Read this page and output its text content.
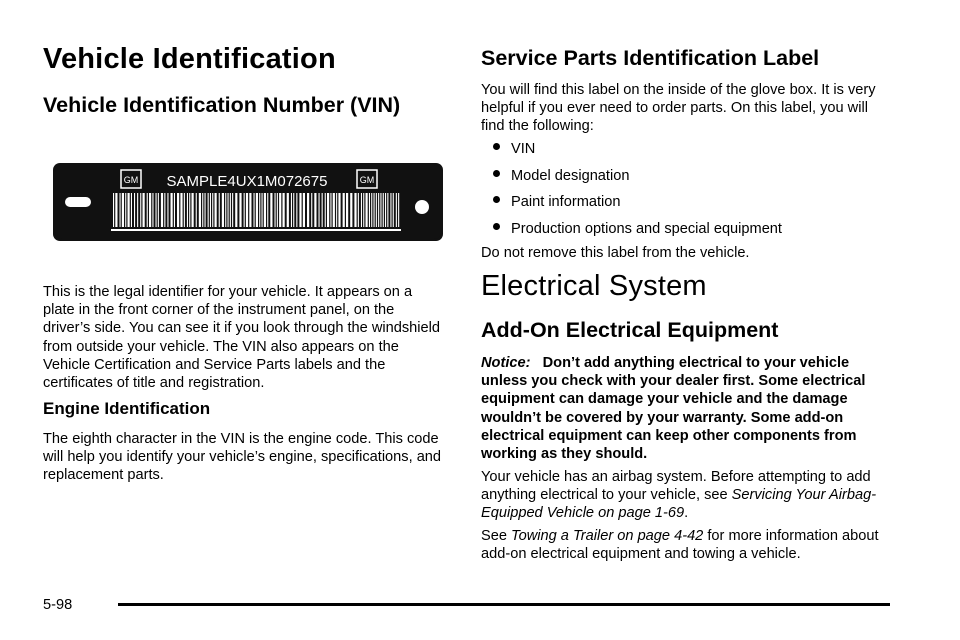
Vehicle Identification
Vehicle Identification Number (VIN)
GM	GM
SAMPLE4UX1M072675

This is the legal identifier for your vehicle. It appears on a plate in the front corner of the instrument panel, on the driver’s side. You can see it if you look through the windshield from outside your vehicle. The VIN also appears on the Vehicle Certification and Service Parts labels and the certificates of title and registration.

Engine Identification

The eighth character in the VIN is the engine code. This code will help you identify your vehicle’s engine, specifications, and replacement parts.

Service Parts Identification Label

You will find this label on the inside of the glove box. It is very helpful if you ever need to order parts. On this label, you will find the following:

VIN
Model designation
Paint information
Production options and special equipment

Do not remove this label from the vehicle.

Electrical System
Add-On Electrical Equipment

Notice: Don’t add anything electrical to your vehicle unless you check with your dealer first. Some electrical equipment can damage your vehicle and the damage wouldn’t be covered by your warranty. Some add-on electrical equipment can keep other components from working as they should.

Your vehicle has an airbag system. Before attempting to add anything electrical to your vehicle, see Servicing Your Airbag-Equipped Vehicle on page 1-69.

See Towing a Trailer on page 4-42 for more information about add-on electrical equipment and towing a vehicle.

5-98
